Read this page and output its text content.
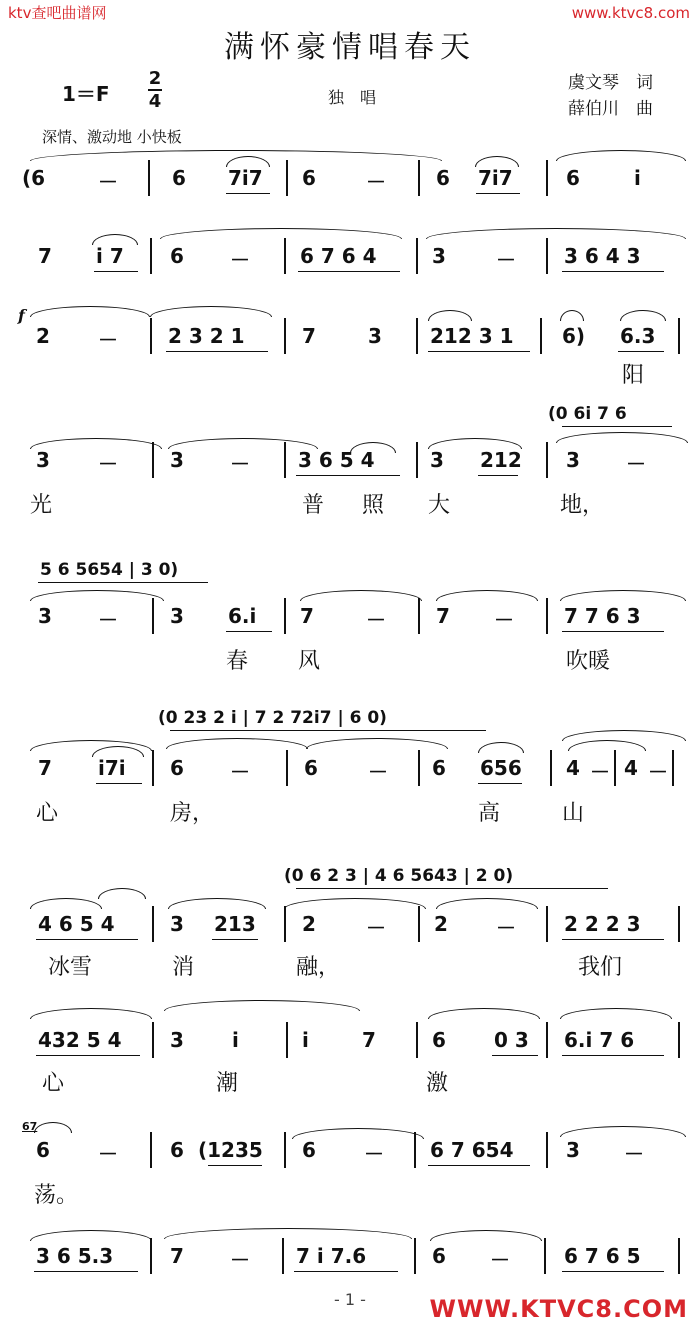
ktv查吧曲谱网	www.ktvc8.com
满怀豪情唱春天
1＝F
2
4	独　唱
虞文琴　词
薛伯川　曲
深情、激动地 小快板
(6	－	6 7i7 6	－	6 7i7	6	i
7 i 7 6 －	6 7 6 4	3	－ 3 6 4 3
f
2 －	2 3 2 1	7	3 212 3 1 6) 6.3
阳
(0 6i 7 6
3 －	3 － 3 6 5 4	3 212 3 －
光	普 照 大	地，
5 6 5654 | 3 0)
3 －	3 6.i 7	－	7 －	7 7 6 3
春 风	吹暖
(0 23 2 i | 7 2 72i7 | 6 0)
7 i7i 6 －	6	－ 6 656 4 － 4 －
心	房，	高	山
(0 6 2 3 | 4 6 5643 | 2 0)
4 6 5 4	3 213 2	－ 2 － 2 2 2 3
冰雪	消	融，	我们
432 5 4 3 i	i	7	6 0 3 6.i 7 6
心	潮	激
67
6 －	6 (1235 6 － 6 7 654	3 －
荡。
3 6 5.3	7 － 7 i 7.6	6 －	6 7 6 5
- 1 -	WWW.KTVC8.COM
